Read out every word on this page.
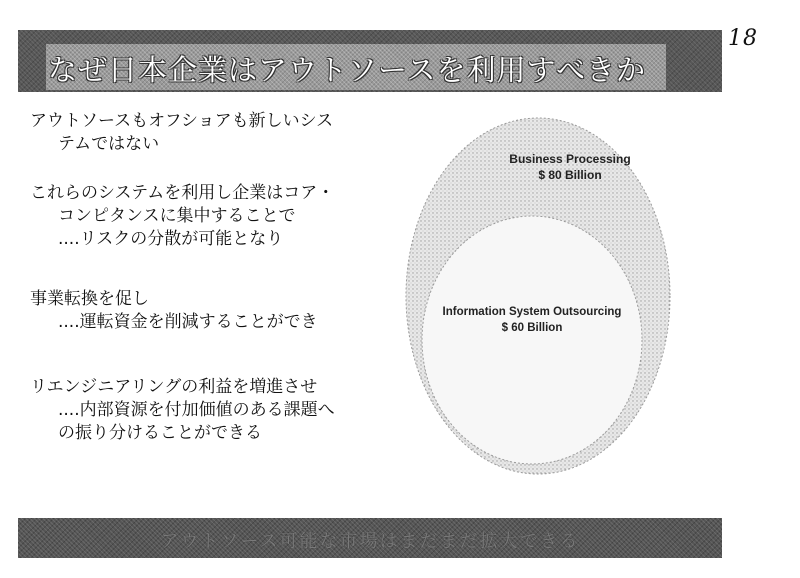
18
なぜ日本企業はアウトソースを利用すべきか
アウトソースもオフショアも新しいシス
テムではない
これらのシステムを利用し企業はコア・
コンピタンスに集中することで
....リスクの分散が可能となり
事業転換を促し
....運転資金を削減することができ
リエンジニアリングの利益を増進させ
....内部資源を付加価値のある課題へ
の振り分けることができる
Business Processing
$ 80 Billion
Information System Outsourcing
$ 60 Billion
アウトソース可能な市場はまだまだ拡大できる
